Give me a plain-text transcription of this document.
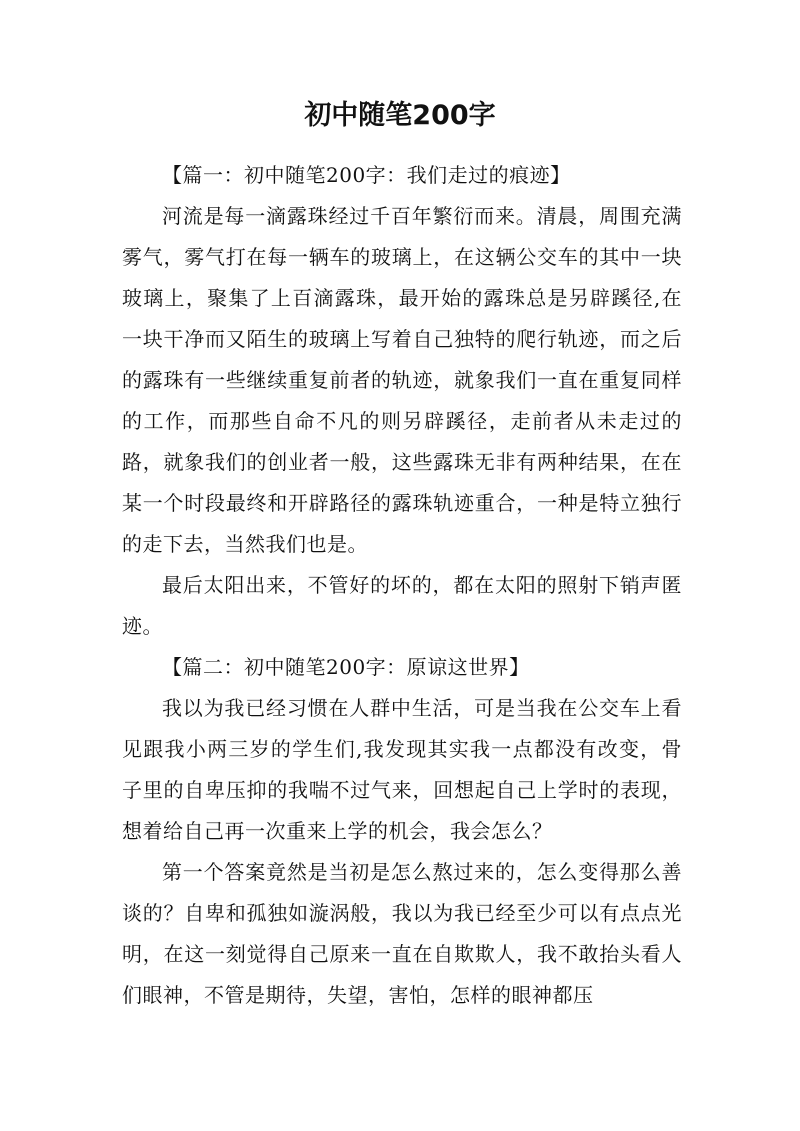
初中随笔200字

【篇一：初中随笔200字：我们走过的痕迹】

河流是每一滴露珠经过千百年繁衍而来。清晨，周围充满雾气，雾气打在每一辆车的玻璃上，在这辆公交车的其中一块玻璃上，聚集了上百滴露珠，最开始的露珠总是另辟蹊径,在一块干净而又陌生的玻璃上写着自己独特的爬行轨迹，而之后的露珠有一些继续重复前者的轨迹，就象我们一直在重复同样的工作，而那些自命不凡的则另辟蹊径，走前者从未走过的路，就象我们的创业者一般，这些露珠无非有两种结果，在在某一个时段最终和开辟路径的露珠轨迹重合，一种是特立独行的走下去，当然我们也是。

最后太阳出来，不管好的坏的，都在太阳的照射下销声匿迹。

【篇二：初中随笔200字：原谅这世界】

我以为我已经习惯在人群中生活，可是当我在公交车上看见跟我小两三岁的学生们,我发现其实我一点都没有改变，骨子里的自卑压抑的我喘不过气来，回想起自己上学时的表现，想着给自己再一次重来上学的机会，我会怎么？

第一个答案竟然是当初是怎么熬过来的，怎么变得那么善谈的？自卑和孤独如漩涡般，我以为我已经至少可以有点点光明，在这一刻觉得自己原来一直在自欺欺人，我不敢抬头看人们眼神，不管是期待，失望，害怕，怎样的眼神都压
